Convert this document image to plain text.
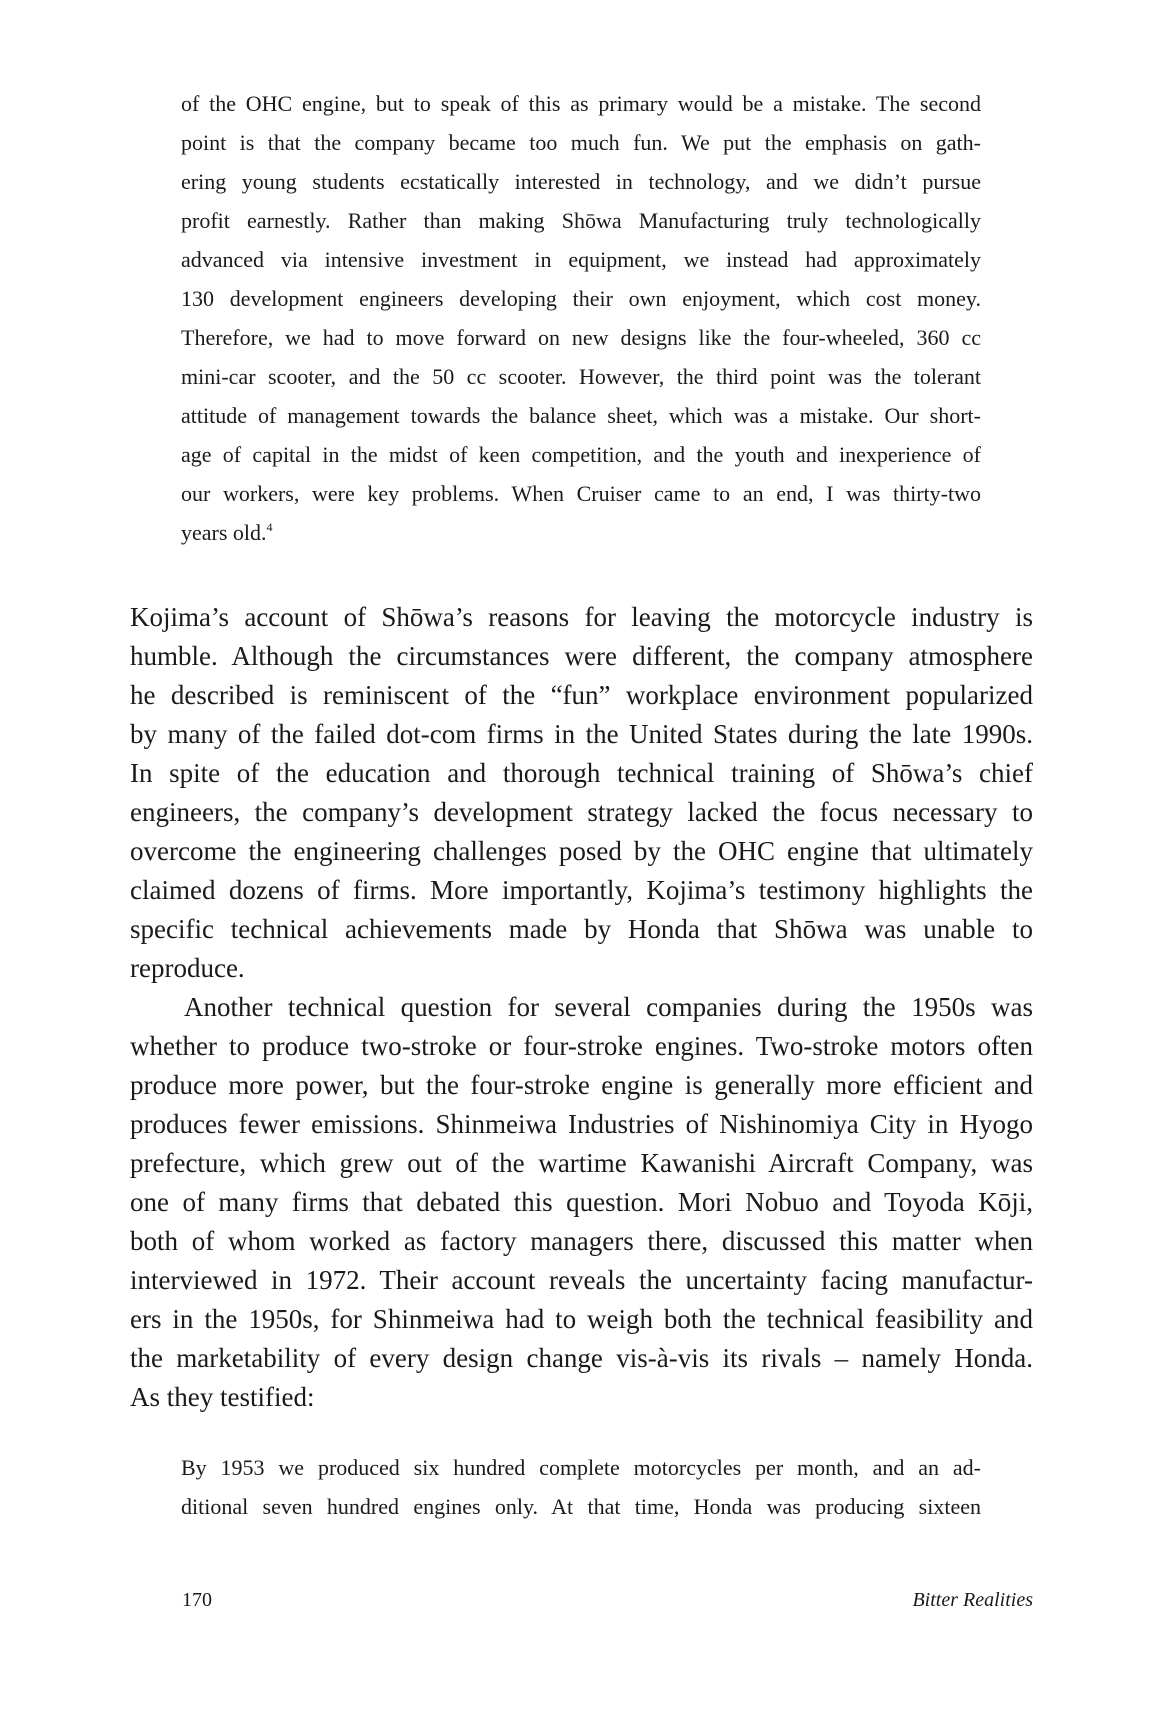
of the OHC engine, but to speak of this as primary would be a mistake. The second
point is that the company became too much fun. We put the emphasis on gath-
ering young students ecstatically interested in technology, and we didn’t pursue
profit earnestly. Rather than making Shōwa Manufacturing truly technologically
advanced via intensive investment in equipment, we instead had approximately
130 development engineers developing their own enjoyment, which cost money.
Therefore, we had to move forward on new designs like the four-wheeled, 360 cc
mini-car scooter, and the 50 cc scooter. However, the third point was the tolerant
attitude of management towards the balance sheet, which was a mistake. Our short-
age of capital in the midst of keen competition, and the youth and inexperience of
our workers, were key problems. When Cruiser came to an end, I was thirty-two
years old.$^4$
Kojima’s account of Shōwa’s reasons for leaving the motorcycle industry is
humble. Although the circumstances were different, the company atmosphere
he described is reminiscent of the “fun” workplace environment popularized
by many of the failed dot-com firms in the United States during the late 1990s.
In spite of the education and thorough technical training of Shōwa’s chief
engineers, the company’s development strategy lacked the focus necessary to
overcome the engineering challenges posed by the OHC engine that ultimately
claimed dozens of firms. More importantly, Kojima’s testimony highlights the
specific technical achievements made by Honda that Shōwa was unable to
reproduce.
Another technical question for several companies during the 1950s was
whether to produce two-stroke or four-stroke engines. Two-stroke motors often
produce more power, but the four-stroke engine is generally more efficient and
produces fewer emissions. Shinmeiwa Industries of Nishinomiya City in Hyogo
prefecture, which grew out of the wartime Kawanishi Aircraft Company, was
one of many firms that debated this question. Mori Nobuo and Toyoda Kōji,
both of whom worked as factory managers there, discussed this matter when
interviewed in 1972. Their account reveals the uncertainty facing manufactur-
ers in the 1950s, for Shinmeiwa had to weigh both the technical feasibility and
the marketability of every design change vis-à-vis its rivals – namely Honda.
As they testified:
By 1953 we produced six hundred complete motorcycles per month, and an ad-
ditional seven hundred engines only. At that time, Honda was producing sixteen
170	Bitter Realities
